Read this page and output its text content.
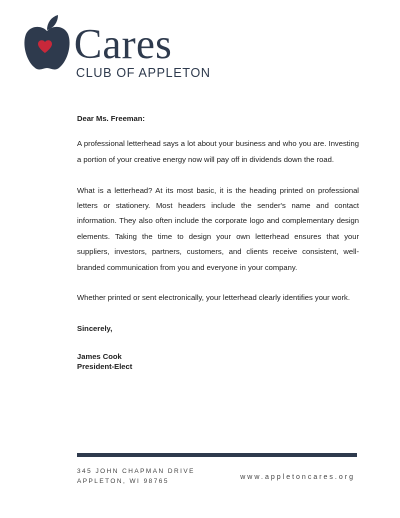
Cares
CLUB OF APPLETON

Dear Ms. Freeman:

A professional letterhead says a lot about your business and who you are. Investing a portion of your creative energy now will pay off in dividends down the road.

What is a letterhead? At its most basic, it is the heading printed on professional letters or stationery. Most headers include the sender's name and contact information. They also often include the corporate logo and complementary design elements. Taking the time to design your own letterhead ensures that your suppliers, investors, partners, customers, and clients receive consistent, well-branded communication from you and everyone in your company.

Whether printed or sent electronically, your letterhead clearly identifies your work.

Sincerely,

James Cook
President-Elect
345 JOHN CHAPMAN DRIVE
APPLETON, WI 98765
www.appletoncares.org
